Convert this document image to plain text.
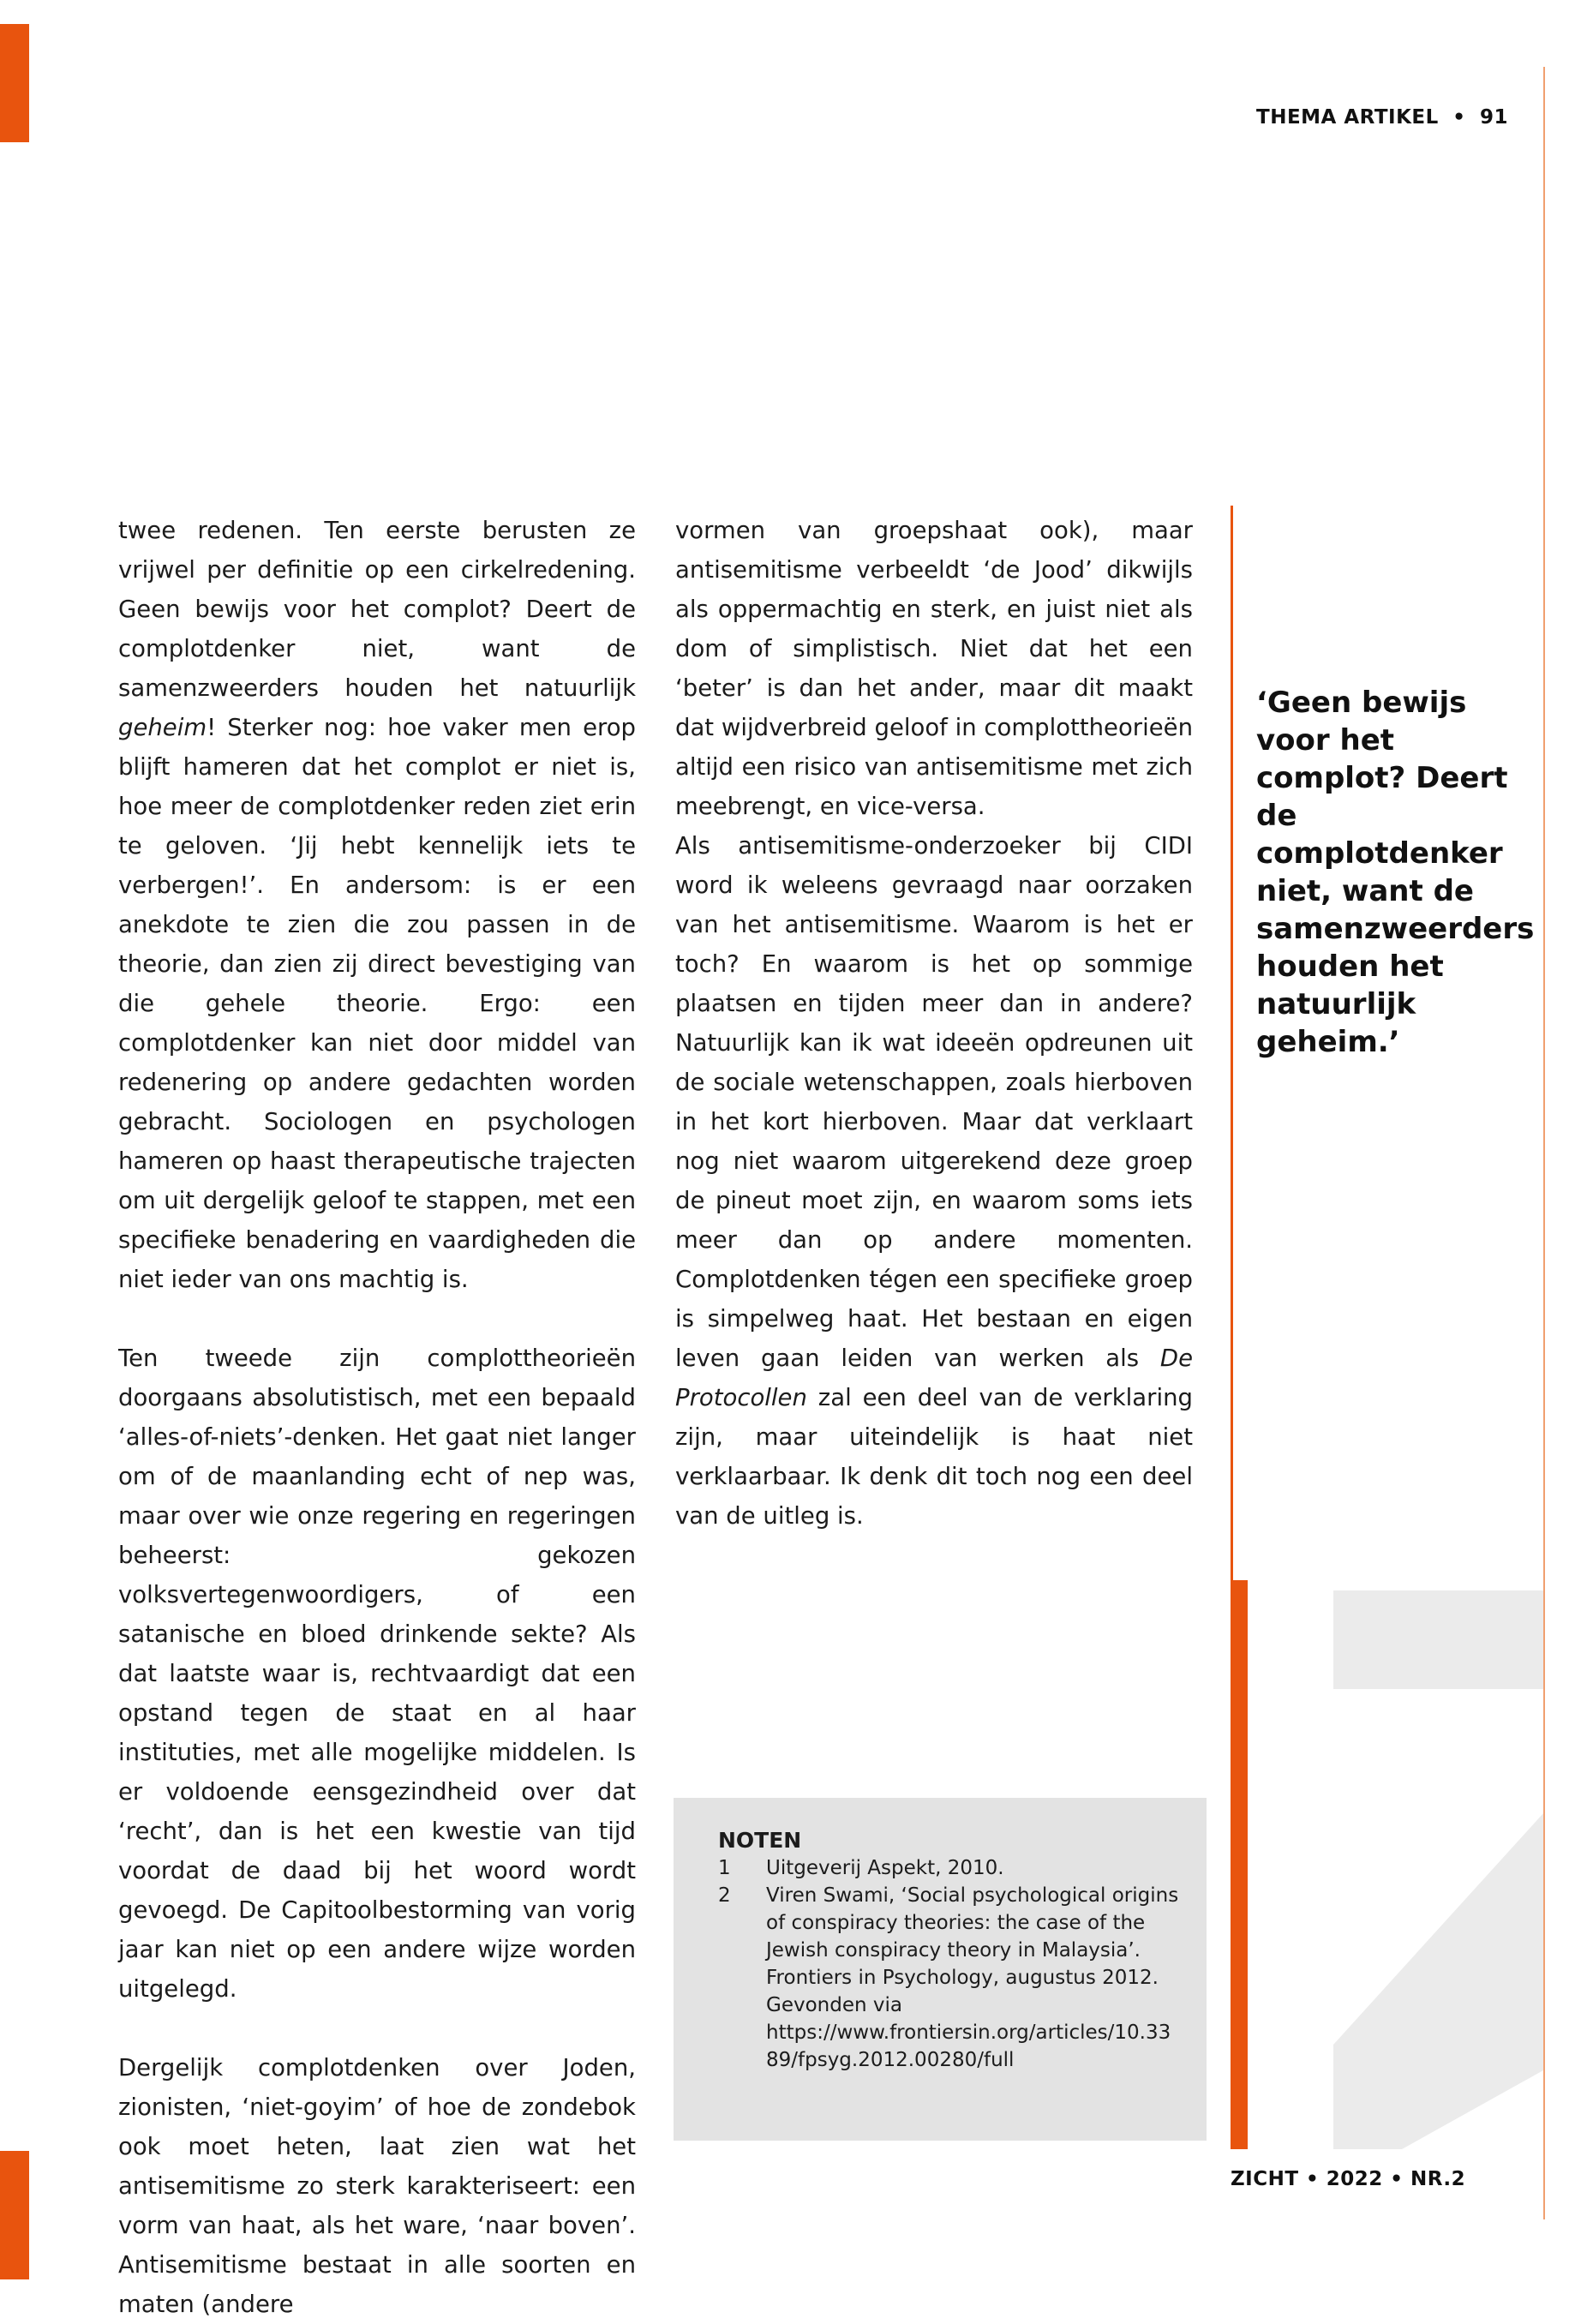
THEMA ARTIKEL • 91

twee redenen. Ten eerste berusten ze vrijwel per definitie op een cirkelredening. Geen bewijs voor het complot? Deert de complotdenker niet, want de samenzweerders houden het natuurlijk geheim! Sterker nog: hoe vaker men erop blijft hameren dat het complot er niet is, hoe meer de complotdenker reden ziet erin te geloven. ‘Jij hebt kennelijk iets te verbergen!’. En andersom: is er een anekdote te zien die zou passen in de theorie, dan zien zij direct bevestiging van die gehele theorie. Ergo: een complotdenker kan niet door middel van redenering op andere gedachten worden gebracht. Sociologen en psychologen hameren op haast therapeutische trajecten om uit dergelijk geloof te stappen, met een specifieke benadering en vaardigheden die niet ieder van ons machtig is.

Ten tweede zijn complottheorieën doorgaans absolutistisch, met een bepaald ‘alles-of-niets’-denken. Het gaat niet langer om of de maanlanding echt of nep was, maar over wie onze regering en regeringen beheerst: gekozen volksvertegenwoordigers, of een satanische en bloed drinkende sekte? Als dat laatste waar is, rechtvaardigt dat een opstand tegen de staat en al haar instituties, met alle mogelijke middelen. Is er voldoende eensgezindheid over dat ‘recht’, dan is het een kwestie van tijd voordat de daad bij het woord wordt gevoegd. De Capitoolbestorming van vorig jaar kan niet op een andere wijze worden uitgelegd.

Dergelijk complotdenken over Joden, zionisten, ‘niet-goyim’ of hoe de zondebok ook moet heten, laat zien wat het antisemitisme zo sterk karakteriseert: een vorm van haat, als het ware, ‘naar boven’. Antisemitisme bestaat in alle soorten en maten (andere

vormen van groepshaat ook), maar antisemitisme verbeeldt ‘de Jood’ dikwijls als oppermachtig en sterk, en juist niet als dom of simplistisch. Niet dat het een ‘beter’ is dan het ander, maar dit maakt dat wijdverbreid geloof in complottheorieën altijd een risico van antisemitisme met zich meebrengt, en vice-versa.

Als antisemitisme-onderzoeker bij CIDI word ik weleens gevraagd naar oorzaken van het antisemitisme. Waarom is het er toch? En waarom is het op sommige plaatsen en tijden meer dan in andere? Natuurlijk kan ik wat ideeën opdreunen uit de sociale wetenschappen, zoals hierboven in het kort hierboven. Maar dat verklaart nog niet waarom uitgerekend deze groep de pineut moet zijn, en waarom soms iets meer dan op andere momenten. Complotdenken tégen een specifieke groep is simpelweg haat. Het bestaan en eigen leven gaan leiden van werken als De Protocollen zal een deel van de verklaring zijn, maar uiteindelijk is haat niet verklaarbaar. Ik denk dit toch nog een deel van de uitleg is.

‘Geen bewijs voor het complot? Deert de complotdenker niet, want de samenzweerders houden het natuurlijk geheim.’
NOTEN
1	Uitgeverij Aspekt, 2010.
2	Viren Swami, ‘Social psychological origins of conspiracy theories: the case of the Jewish conspiracy theory in Malaysia’. Frontiers in Psychology, augustus 2012. Gevonden via https://www.frontiersin.org/articles/10.3389/fpsyg.2012.00280/full
ZICHT • 2022 • NR.2
